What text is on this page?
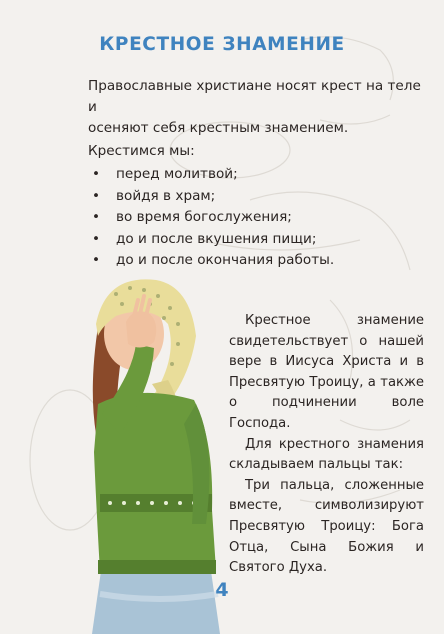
КРЕСТНОЕ ЗНАМЕНИЕ

Православные христиане носят крест на теле и

осеняют себя крестным знамением.

Крестимся мы:

• перед молитвой;
• войдя в храм;
• во время богослужения;
• до и после вкушения пищи;
• до и после окончания работы.

Крестное знамение свидетельствует о нашей вере в Иисуса Христа и в Пресвятую Троицу, а также о подчинении воле Господа.

Для крестного знамения складываем пальцы так:

Три пальца, сложенные вместе, символизируют Пресвятую Троицу: Бога Отца, Сына Божия и Святого Духа.

4
